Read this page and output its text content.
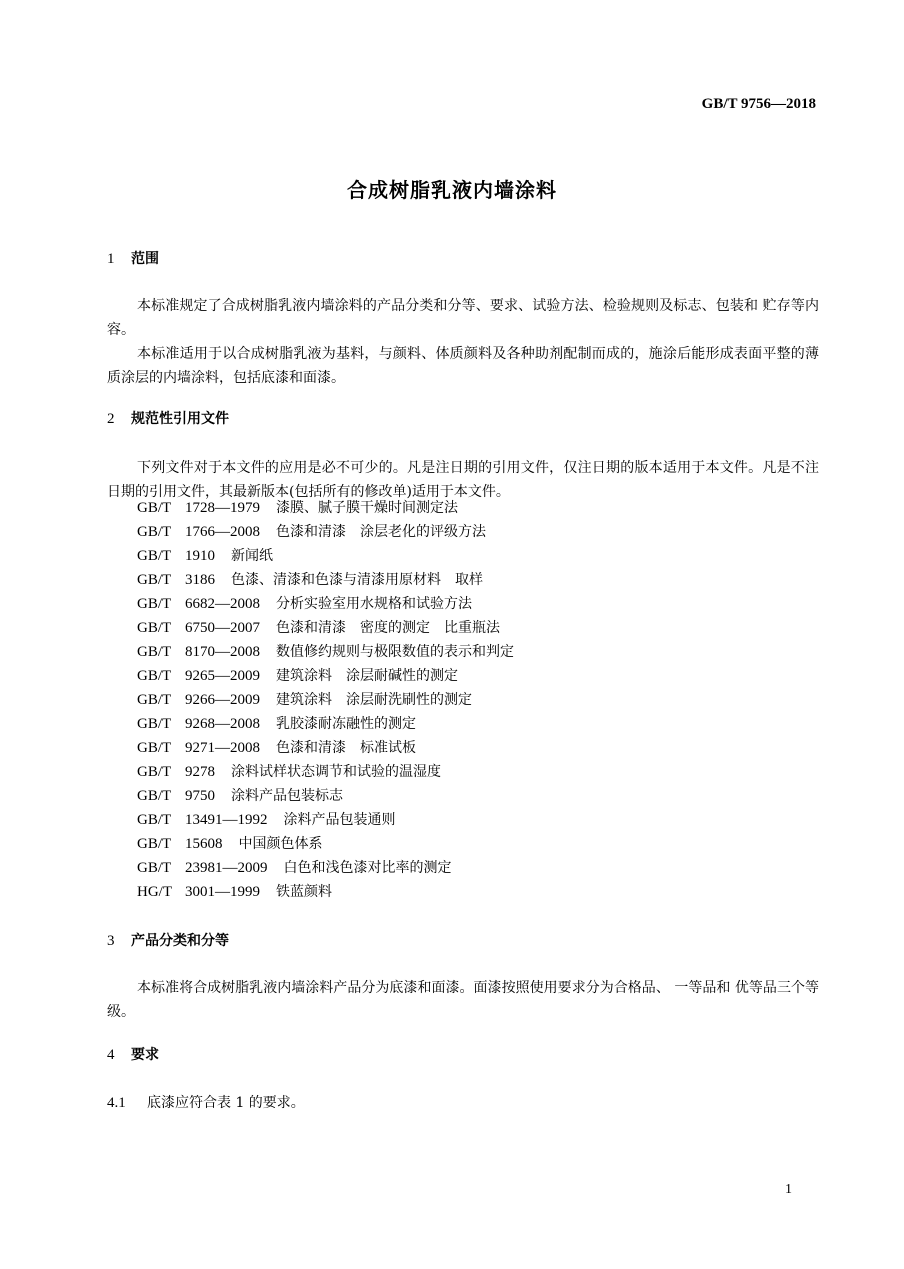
GB/T 9756—2018
合成树脂乳液内墙涂料
1 范围
本标准规定了合成树脂乳液内墙涂料的产品分类和分等、要求、试验方法、检验规则及标志、包装和 贮存等内容。
本标准适用于以合成树脂乳液为基料，与颜料、体质颜料及各种助剂配制而成的，施涂后能形成表面平整的薄质涂层的内墙涂料，包括底漆和面漆。
2 规范性引用文件
下列文件对于本文件的应用是必不可少的。凡是注日期的引用文件，仅注日期的版本适用于本文件。凡是不注日期的引用文件，其最新版本(包括所有的修改单)适用于本文件。
GB/T 1728—1979 漆膜、腻子膜干燥时间测定法
GB/T 1766—2008 色漆和清漆　涂层老化的评级方法
GB/T 1910 新闻纸
GB/T 3186 色漆、清漆和色漆与清漆用原材料　取样
GB/T 6682—2008 分析实验室用水规格和试验方法
GB/T 6750—2007 色漆和清漆　密度的测定　比重瓶法
GB/T 8170—2008 数值修约规则与极限数值的表示和判定
GB/T 9265—2009 建筑涂料　涂层耐碱性的测定
GB/T 9266—2009 建筑涂料　涂层耐洗刷性的测定
GB/T 9268—2008 乳胶漆耐冻融性的测定
GB/T 9271—2008 色漆和清漆　标准试板
GB/T 9278 涂料试样状态调节和试验的温湿度
GB/T 9750 涂料产品包装标志
GB/T 13491—1992 涂料产品包装通则
GB/T 15608 中国颜色体系
GB/T 23981—2009 白色和浅色漆对比率的测定
HG/T 3001—1999 铁蓝颜料
3 产品分类和分等
本标准将合成树脂乳液内墙涂料产品分为底漆和面漆。面漆按照使用要求分为合格品、 一等品和 优等品三个等级。
4 要求
4.1 底漆应符合表 1 的要求。
1
